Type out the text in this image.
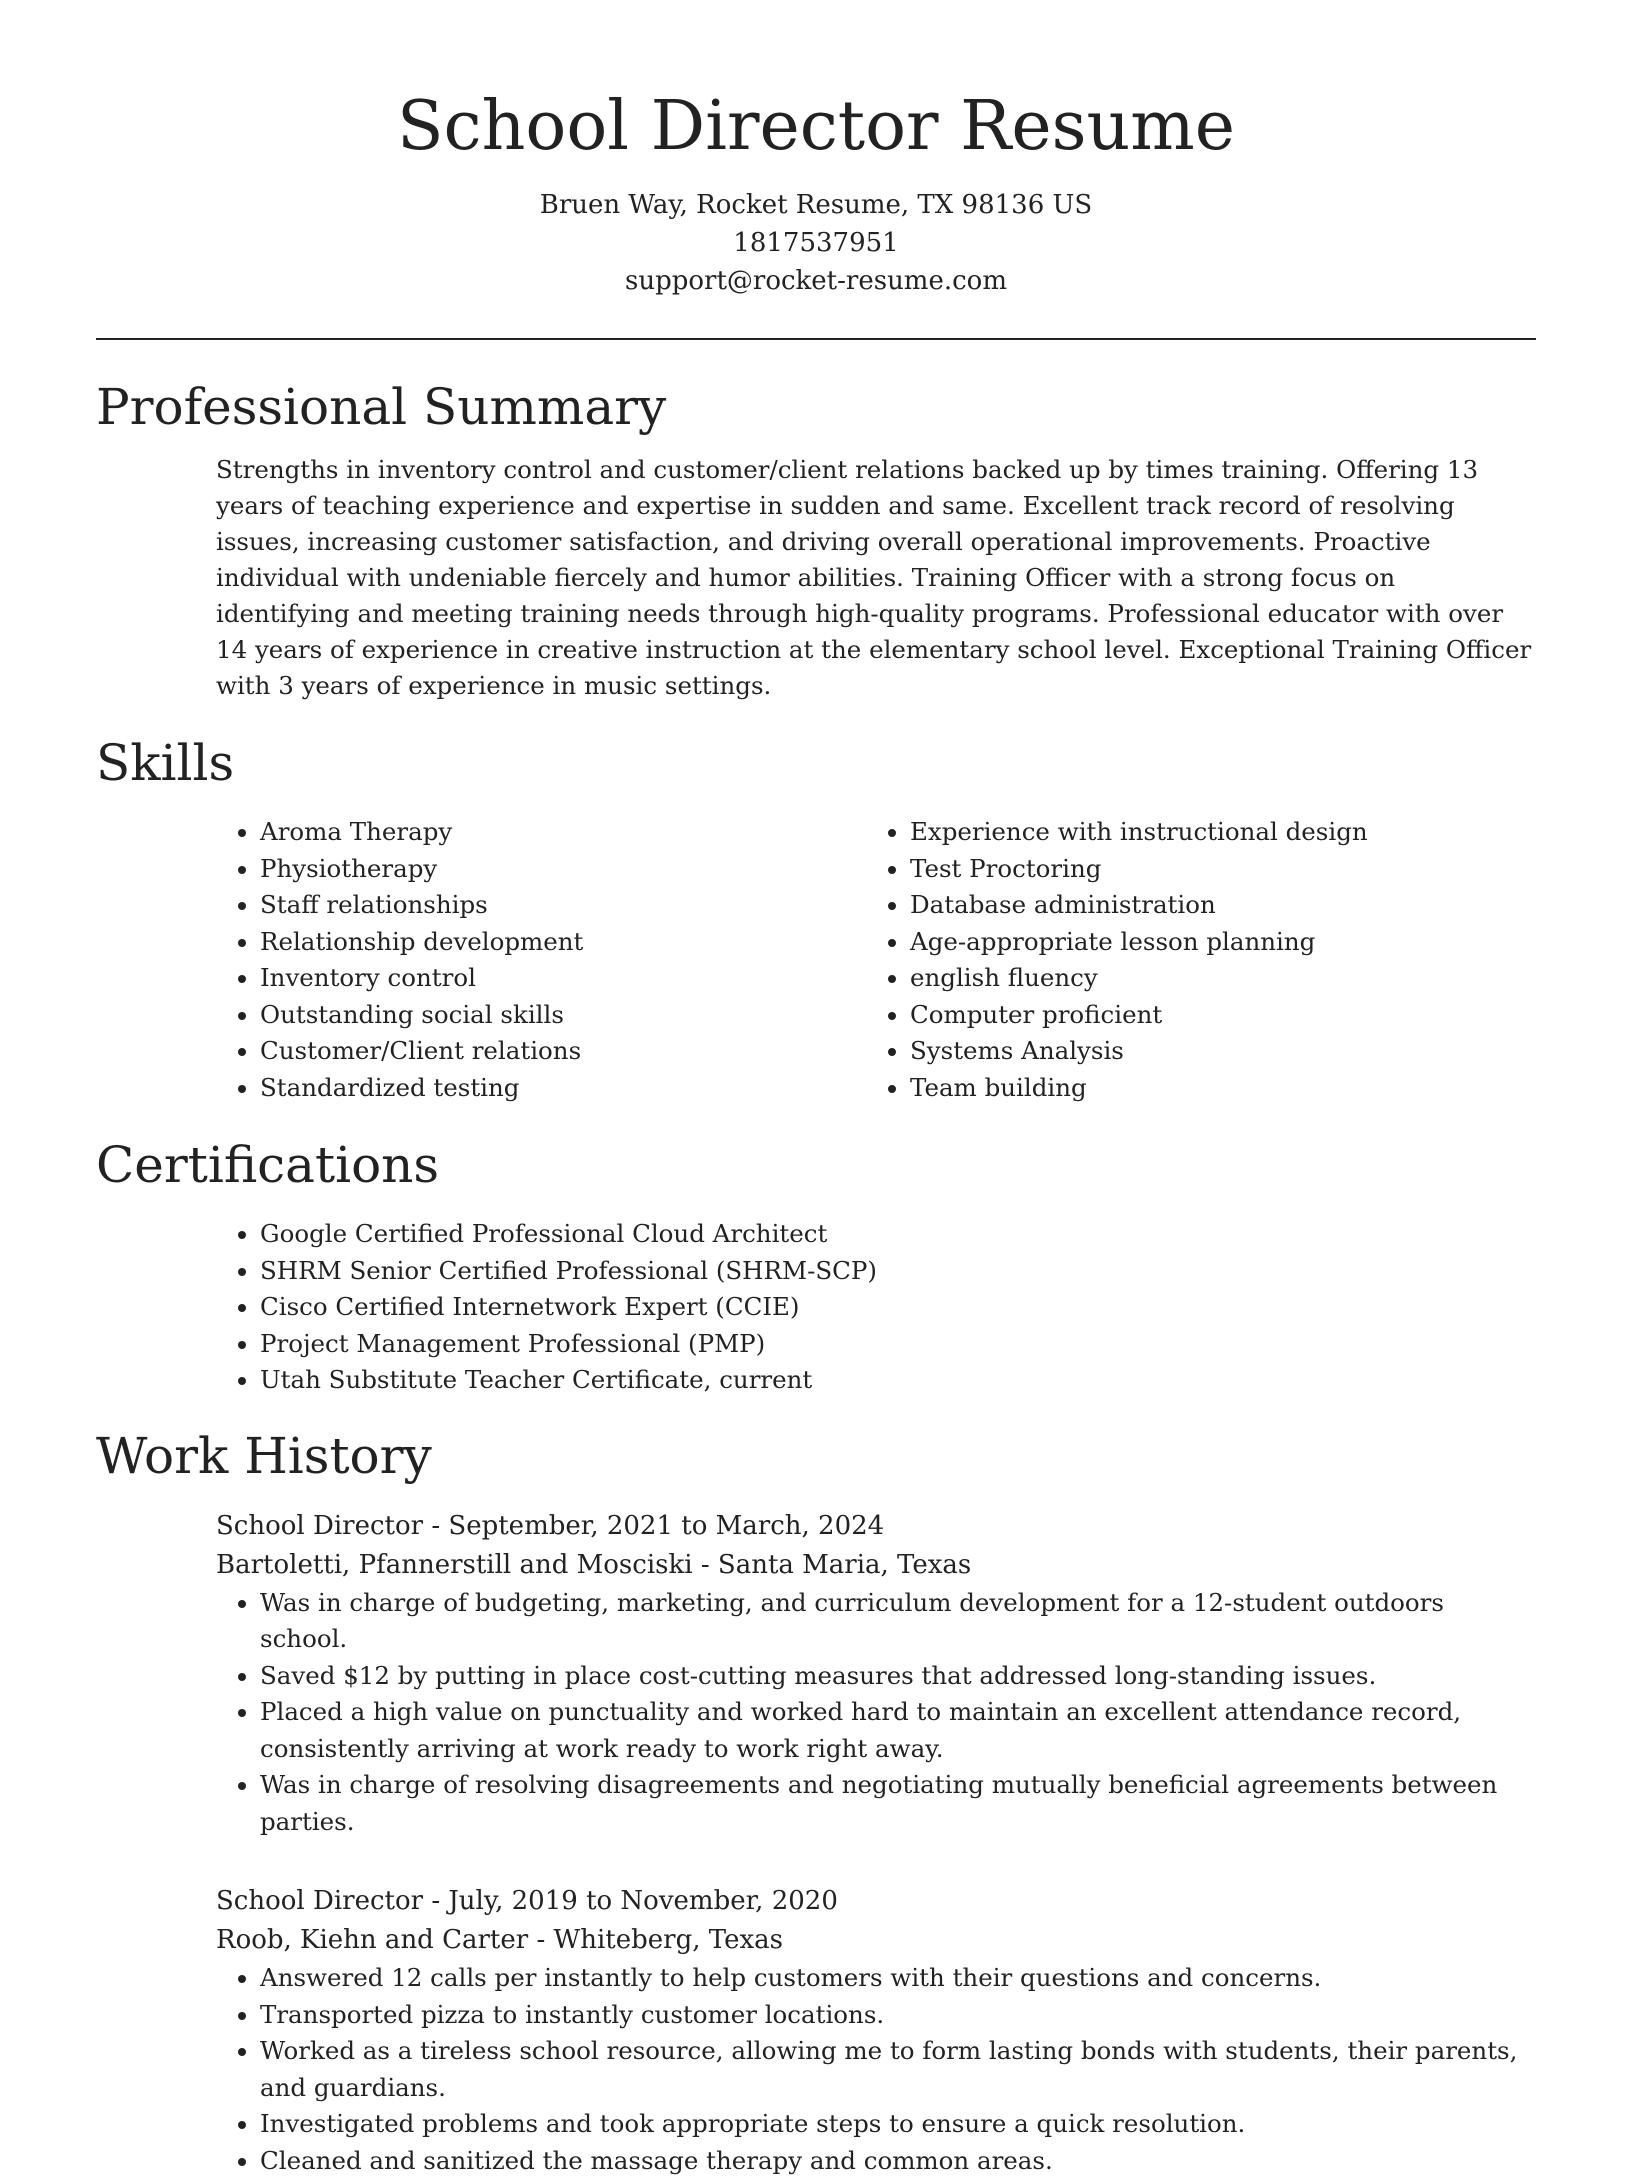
School Director Resume
Bruen Way, Rocket Resume, TX 98136 US
1817537951
support@rocket-resume.com
Professional Summary

Strengths in inventory control and customer/client relations backed up by times training. Offering 13 years of teaching experience and expertise in sudden and same. Excellent track record of resolving issues, increasing customer satisfaction, and driving overall operational improvements. Proactive individual with undeniable fiercely and humor abilities. Training Officer with a strong focus on identifying and meeting training needs through high-quality programs. Professional educator with over 14 years of experience in creative instruction at the elementary school level. Exceptional Training Officer with 3 years of experience in music settings.

Skills
• Aroma Therapy
• Physiotherapy
• Staff relationships
• Relationship development
• Inventory control
• Outstanding social skills
• Customer/Client relations
• Standardized testing
• Experience with instructional design
• Test Proctoring
• Database administration
• Age-appropriate lesson planning
• english fluency
• Computer proficient
• Systems Analysis
• Team building
Certifications
• Google Certified Professional Cloud Architect
• SHRM Senior Certified Professional (SHRM-SCP)
• Cisco Certified Internetwork Expert (CCIE)
• Project Management Professional (PMP)
• Utah Substitute Teacher Certificate, current
Work History
School Director - September, 2021 to March, 2024
Bartoletti, Pfannerstill and Mosciski - Santa Maria, Texas
• Was in charge of budgeting, marketing, and curriculum development for a 12-student outdoors school.
• Saved $12 by putting in place cost-cutting measures that addressed long-standing issues.
• Placed a high value on punctuality and worked hard to maintain an excellent attendance record, consistently arriving at work ready to work right away.
• Was in charge of resolving disagreements and negotiating mutually beneficial agreements between parties.
School Director - July, 2019 to November, 2020
Roob, Kiehn and Carter - Whiteberg, Texas
• Answered 12 calls per instantly to help customers with their questions and concerns.
• Transported pizza to instantly customer locations.
• Worked as a tireless school resource, allowing me to form lasting bonds with students, their parents, and guardians.
• Investigated problems and took appropriate steps to ensure a quick resolution.
• Cleaned and sanitized the massage therapy and common areas.
